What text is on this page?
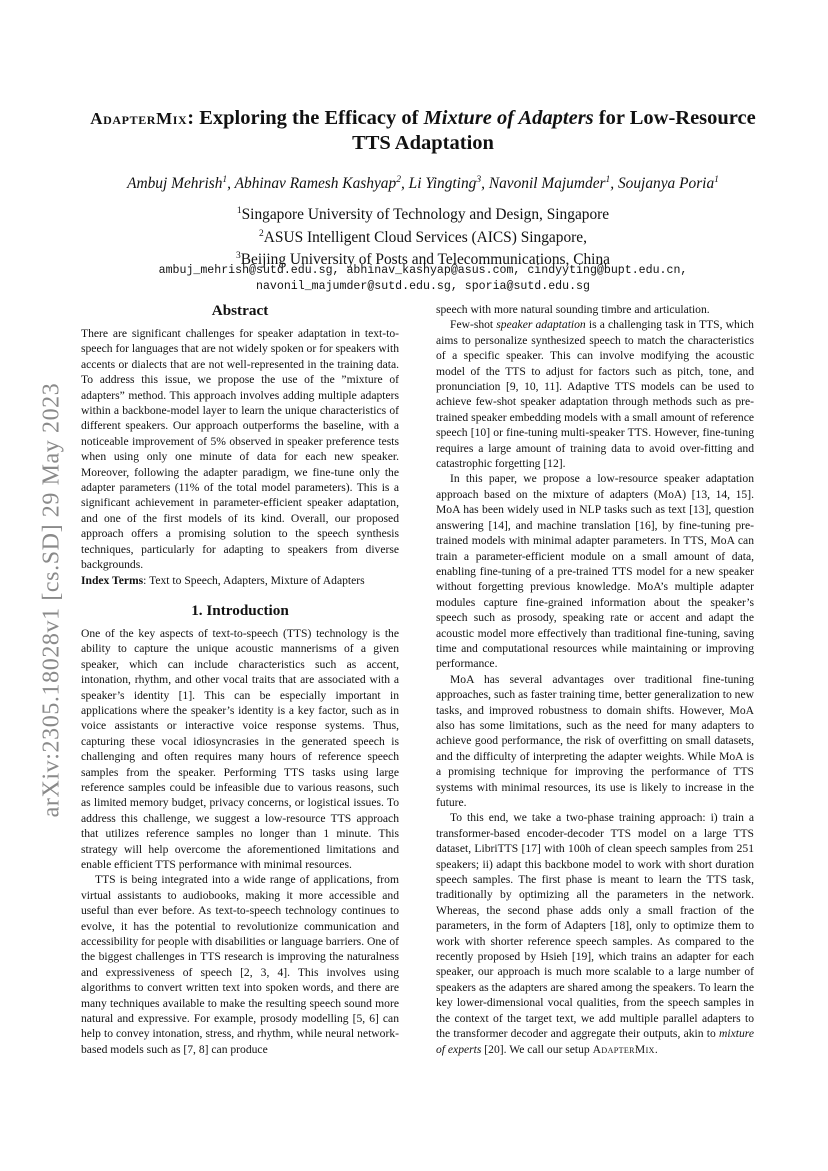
arXiv:2305.18028v1 [cs.SD] 29 May 2023
AdapterMix: Exploring the Efficacy of Mixture of Adapters for Low-Resource TTS Adaptation
Ambuj Mehrish$^1$, Abhinav Ramesh Kashyap$^2$, Li Yingting$^3$, Navonil Majumder$^1$, Soujanya Poria$^1$
$^1$Singapore University of Technology and Design, Singapore
$^2$ASUS Intelligent Cloud Services (AICS) Singapore,
$^3$Beijing University of Posts and Telecommunications, China
ambuj_mehrish@sutd.edu.sg, abhinav_kashyap@asus.com, cindyyting@bupt.edu.cn,
navonil_majumder@sutd.edu.sg, sporia@sutd.edu.sg
Abstract

There are significant challenges for speaker adaptation in text-to-speech for languages that are not widely spoken or for speakers with accents or dialects that are not well-represented in the training data. To address this issue, we propose the use of the ”mixture of adapters” method. This approach involves adding multiple adapters within a backbone-model layer to learn the unique characteristics of different speakers. Our approach outperforms the baseline, with a noticeable improvement of 5% observed in speaker preference tests when using only one minute of data for each new speaker. Moreover, following the adapter paradigm, we fine-tune only the adapter parameters (11% of the total model parameters). This is a significant achievement in parameter-efficient speaker adaptation, and one of the first models of its kind. Overall, our proposed approach offers a promising solution to the speech synthesis techniques, particularly for adapting to speakers from diverse backgrounds.

Index Terms: Text to Speech, Adapters, Mixture of Adapters

1. Introduction

One of the key aspects of text-to-speech (TTS) technology is the ability to capture the unique acoustic mannerisms of a given speaker, which can include characteristics such as accent, intonation, rhythm, and other vocal traits that are associated with a speaker’s identity [1]. This can be especially important in applications where the speaker’s identity is a key factor, such as in voice assistants or interactive voice response systems. Thus, capturing these vocal idiosyncrasies in the generated speech is challenging and often requires many hours of reference speech samples from the speaker. Performing TTS tasks using large reference samples could be infeasible due to various reasons, such as limited memory budget, privacy concerns, or logistical issues. To address this challenge, we suggest a low-resource TTS approach that utilizes reference samples no longer than 1 minute. This strategy will help overcome the aforementioned limitations and enable efficient TTS performance with minimal resources.

TTS is being integrated into a wide range of applications, from virtual assistants to audiobooks, making it more accessible and useful than ever before. As text-to-speech technology continues to evolve, it has the potential to revolutionize communication and accessibility for people with disabilities or language barriers. One of the biggest challenges in TTS research is improving the naturalness and expressiveness of speech [2, 3, 4]. This involves using algorithms to convert written text into spoken words, and there are many techniques available to make the resulting speech sound more natural and expressive. For example, prosody modelling [5, 6] can help to convey intonation, stress, and rhythm, while neural network-based models such as [7, 8] can produce

speech with more natural sounding timbre and articulation.

Few-shot speaker adaptation is a challenging task in TTS, which aims to personalize synthesized speech to match the characteristics of a specific speaker. This can involve modifying the acoustic model of the TTS to adjust for factors such as pitch, tone, and pronunciation [9, 10, 11]. Adaptive TTS models can be used to achieve few-shot speaker adaptation through methods such as pre-trained speaker embedding models with a small amount of reference speech [10] or fine-tuning multi-speaker TTS. However, fine-tuning requires a large amount of training data to avoid over-fitting and catastrophic forgetting [12].

In this paper, we propose a low-resource speaker adaptation approach based on the mixture of adapters (MoA) [13, 14, 15]. MoA has been widely used in NLP tasks such as text [13], question answering [14], and machine translation [16], by fine-tuning pre-trained models with minimal adapter parameters. In TTS, MoA can train a parameter-efficient module on a small amount of data, enabling fine-tuning of a pre-trained TTS model for a new speaker without forgetting previous knowledge. MoA’s multiple adapter modules capture fine-grained information about the speaker’s speech such as prosody, speaking rate or accent and adapt the acoustic model more effectively than traditional fine-tuning, saving time and computational resources while maintaining or improving performance.

MoA has several advantages over traditional fine-tuning approaches, such as faster training time, better generalization to new tasks, and improved robustness to domain shifts. However, MoA also has some limitations, such as the need for many adapters to achieve good performance, the risk of overfitting on small datasets, and the difficulty of interpreting the adapter weights. While MoA is a promising technique for improving the performance of TTS systems with minimal resources, its use is likely to increase in the future.

To this end, we take a two-phase training approach: i) train a transformer-based encoder-decoder TTS model on a large TTS dataset, LibriTTS [17] with 100h of clean speech samples from 251 speakers; ii) adapt this backbone model to work with short duration speech samples. The first phase is meant to learn the TTS task, traditionally by optimizing all the parameters in the network. Whereas, the second phase adds only a small fraction of the parameters, in the form of Adapters [18], only to optimize them to work with shorter reference speech samples. As compared to the recently proposed by Hsieh [19], which trains an adapter for each speaker, our approach is much more scalable to a large number of speakers as the adapters are shared among the speakers. To learn the key lower-dimensional vocal qualities, from the speech samples in the context of the target text, we add multiple parallel adapters to the transformer decoder and aggregate their outputs, akin to mixture of experts [20]. We call our setup AdapterMix.
